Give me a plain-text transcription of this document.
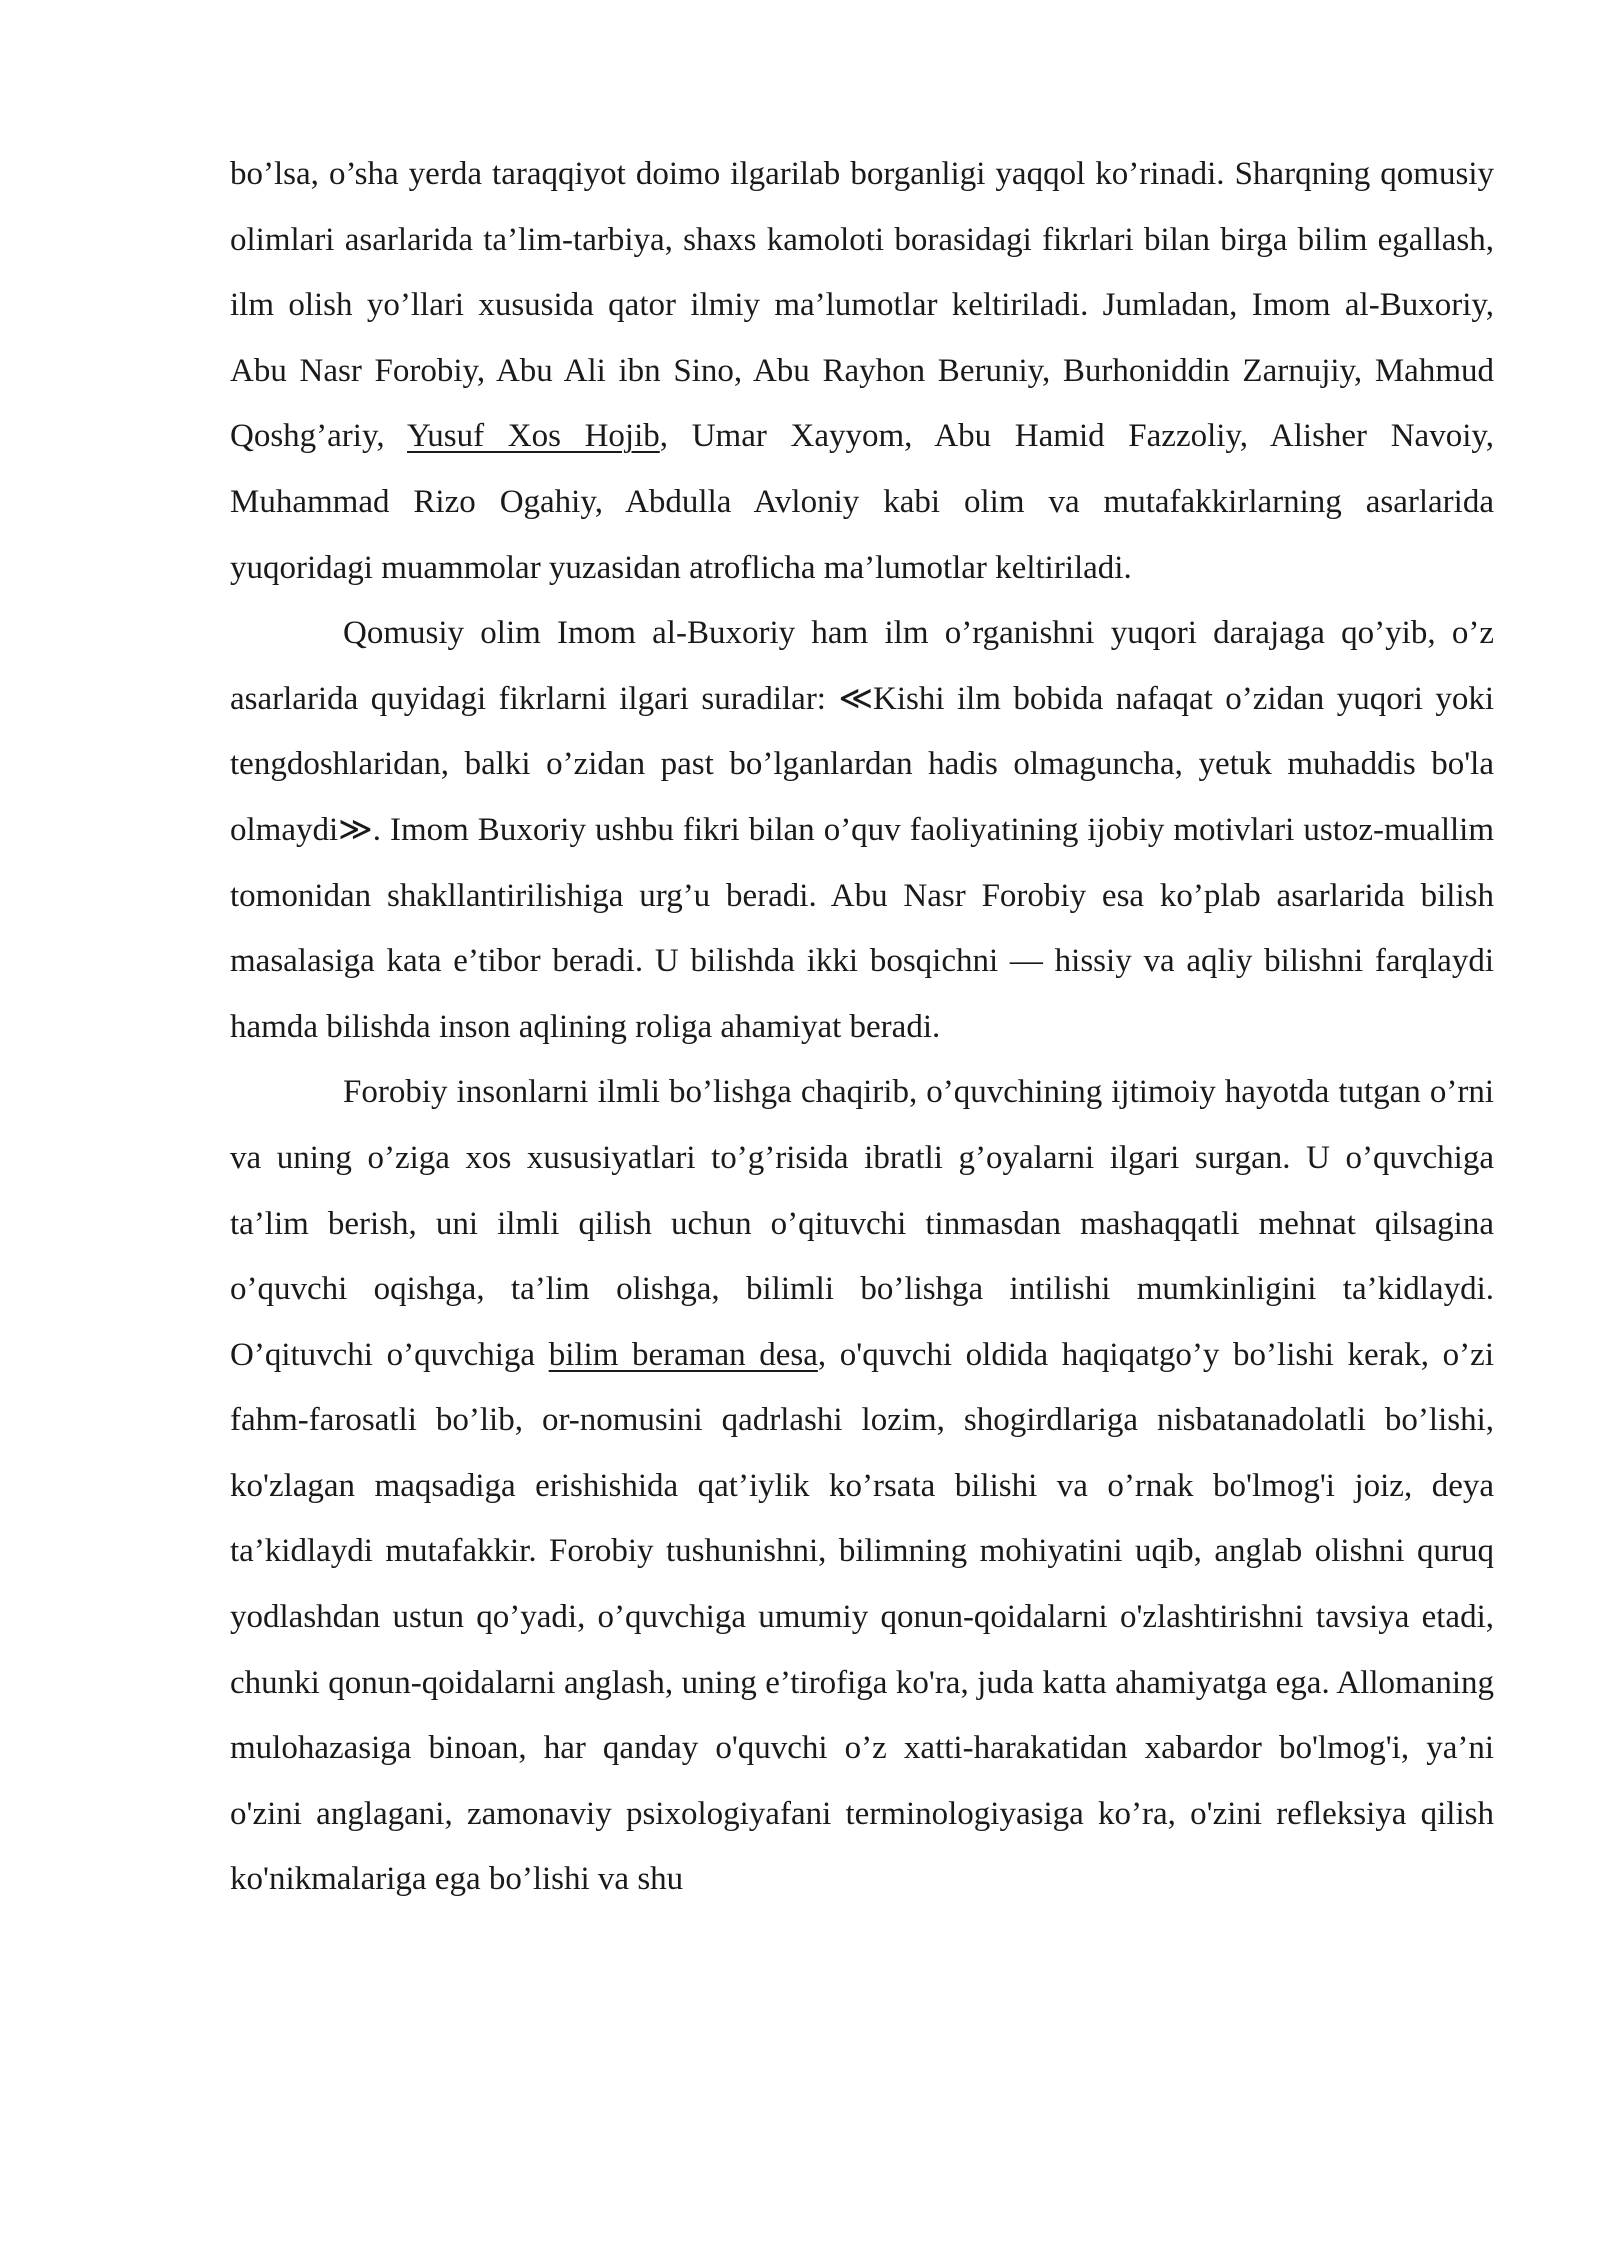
bo’lsa, o’sha yerda taraqqiyot doimo ilgarilab borganligi yaqqol ko’rinadi. Sharqning qomusiy olimlari asarlarida ta’lim-tarbiya, shaxs kamoloti borasidagi fikrlari bilan birga bilim egallash, ilm olish yo’llari xususida qator ilmiy ma’lumotlar keltiriladi. Jumladan, Imom al-Buxoriy, Abu Nasr Forobiy, Abu Ali ibn Sino, Abu Rayhon Beruniy, Burhoniddin Zarnujiy, Mahmud Qoshg’ariy, Yusuf Xos Hojib, Umar Xayyom, Abu Hamid Fazzoliy, Alisher Navoiy, Muhammad Rizo Ogahiy, Abdulla Avloniy kabi olim va mutafakkirlarning asarlarida yuqoridagi muammolar yuzasidan atroflicha ma’lumotlar keltiriladi.

Qomusiy olim Imom al-Buxoriy ham ilm o’rganishni yuqori darajaga qo’yib, o’z asarlarida quyidagi fikrlarni ilgari suradilar: ≪Kishi ilm bobida nafaqat o’zidan yuqori yoki tengdoshlaridan, balki o’zidan past bo’lganlardan hadis olmaguncha, yetuk muhaddis bo'la olmaydi≫. Imom Buxoriy ushbu fikri bilan o’quv faoliyatining ijobiy motivlari ustoz-muallim tomonidan shakllantirilishiga urg’u beradi. Abu Nasr Forobiy esa ko’plab asarlarida bilish masalasiga kata e’tibor beradi. U bilishda ikki bosqichni — hissiy va aqliy bilishni farqlaydi hamda bilishda inson aqlining roliga ahamiyat beradi.

Forobiy insonlarni ilmli bo’lishga chaqirib, o’quvchining ijtimoiy hayotda tutgan o’rni va uning o’ziga xos xususiyatlari to’g’risida ibratli g’oyalarni ilgari surgan. U o’quvchiga ta’lim berish, uni ilmli qilish uchun o’qituvchi tinmasdan mashaqqatli mehnat qilsagina o’quvchi oqishga, ta’lim olishga, bilimli bo’lishga intilishi mumkinligini ta’kidlaydi. O’qituvchi o’quvchiga bilim beraman desa, o'quvchi oldida haqiqatgo’y bo’lishi kerak, o’zi fahm-farosatli bo’lib, or-nomusini qadrlashi lozim, shogirdlariga nisbatanadolatli bo’lishi, ko'zlagan maqsadiga erishishida qat’iylik ko’rsata bilishi va o’rnak bo'lmog'i joiz, deya ta’kidlaydi mutafakkir. Forobiy tushunishni, bilimning mohiyatini uqib, anglab olishni quruq yodlashdan ustun qo’yadi, o’quvchiga umumiy qonun-qoidalarni o'zlashtirishni tavsiya etadi, chunki qonun-qoidalarni anglash, uning e’tirofiga ko'ra, juda katta ahamiyatga ega. Allomaning mulohazasiga binoan, har qanday o'quvchi o’z xatti-harakatidan xabardor bo'lmog'i, ya’ni o'zini anglagani, zamonaviy psixologiyafani terminologiyasiga ko’ra, o'zini refleksiya qilish ko'nikmalariga ega bo’lishi va shu
